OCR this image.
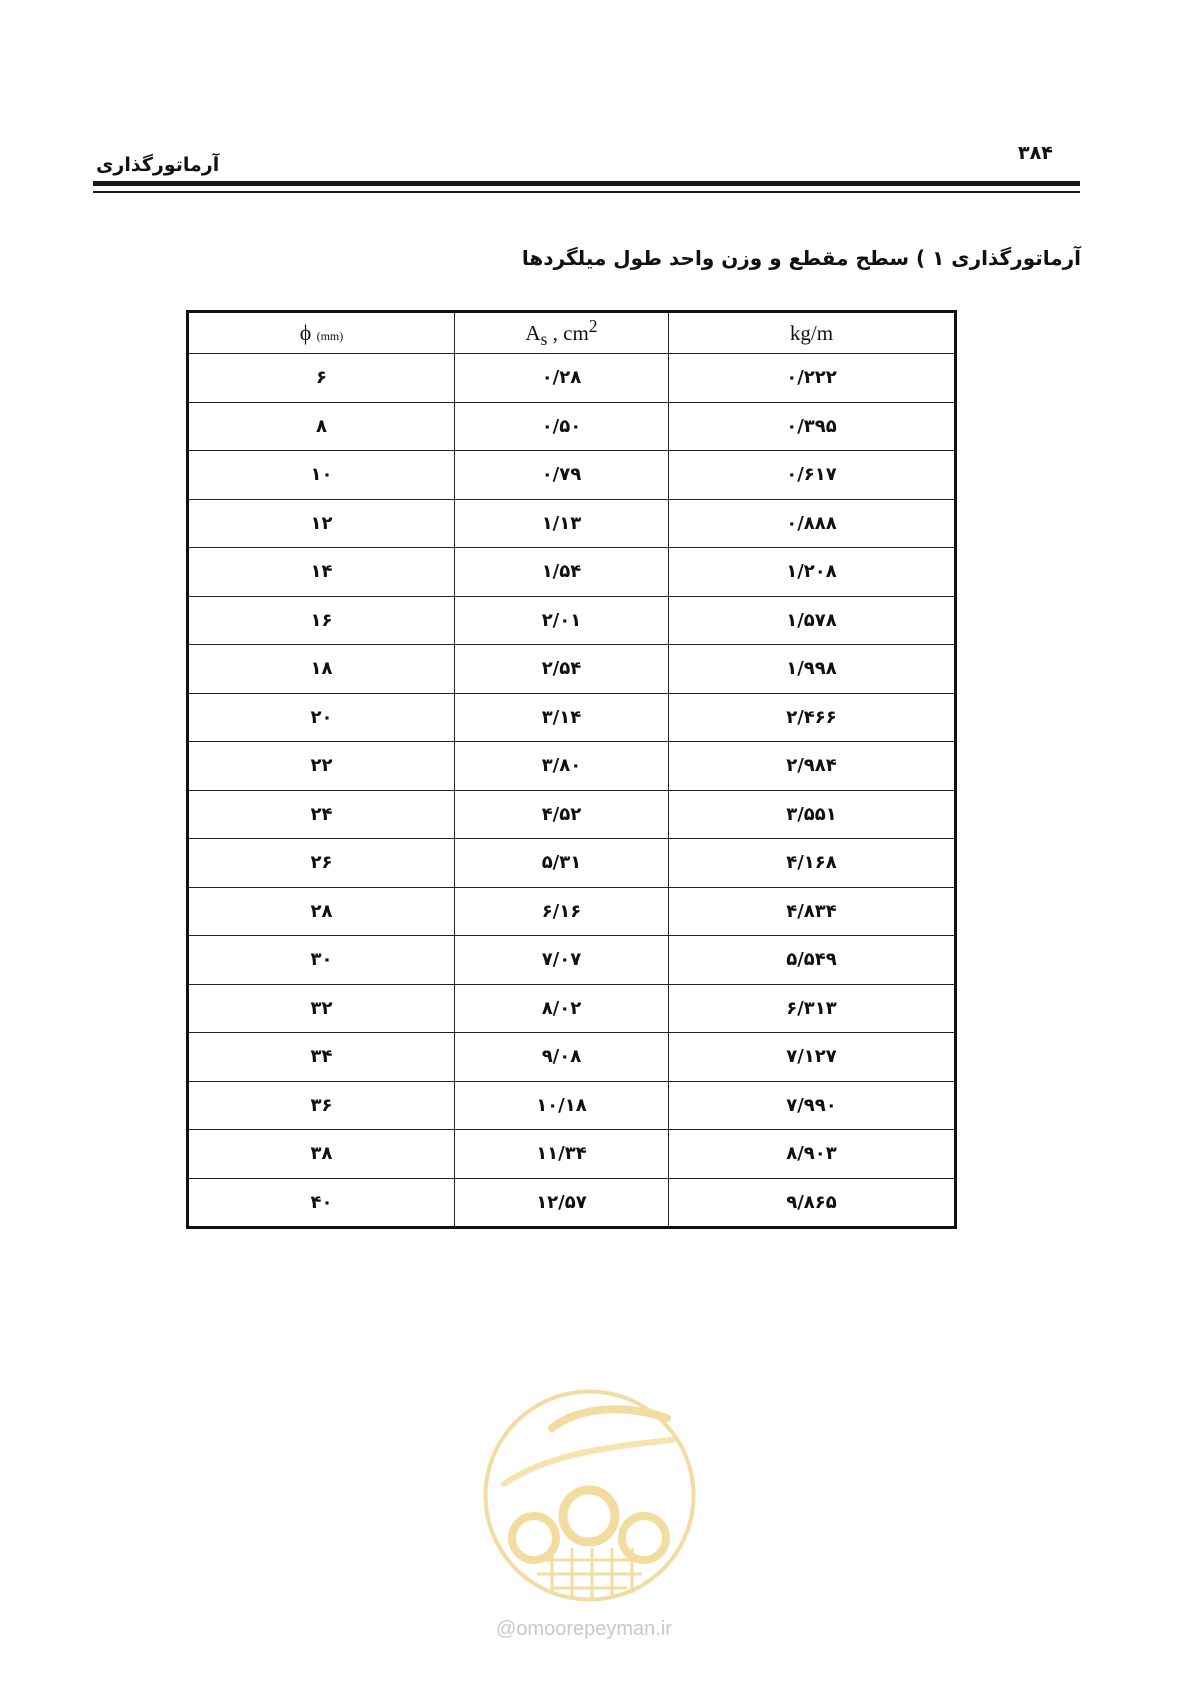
۳۸۴
آرماتورگذاری
آرماتورگذاری ۱ ) سطح مقطع و وزن واحد طول میلگردها
ϕ (mm)	$A_s$ , $cm^2$	kg/m
۶	۰/۲۸	۰/۲۲۲
۸	۰/۵۰	۰/۳۹۵
۱۰	۰/۷۹	۰/۶۱۷
۱۲	۱/۱۳	۰/۸۸۸
۱۴	۱/۵۴	۱/۲۰۸
۱۶	۲/۰۱	۱/۵۷۸
۱۸	۲/۵۴	۱/۹۹۸
۲۰	۳/۱۴	۲/۴۶۶
۲۲	۳/۸۰	۲/۹۸۴
۲۴	۴/۵۲	۳/۵۵۱
۲۶	۵/۳۱	۴/۱۶۸
۲۸	۶/۱۶	۴/۸۳۴
۳۰	۷/۰۷	۵/۵۴۹
۳۲	۸/۰۲	۶/۳۱۳
۳۴	۹/۰۸	۷/۱۲۷
۳۶	۱۰/۱۸	۷/۹۹۰
۳۸	۱۱/۳۴	۸/۹۰۳
۴۰	۱۲/۵۷	۹/۸۶۵
@omoorepeyman.ir
